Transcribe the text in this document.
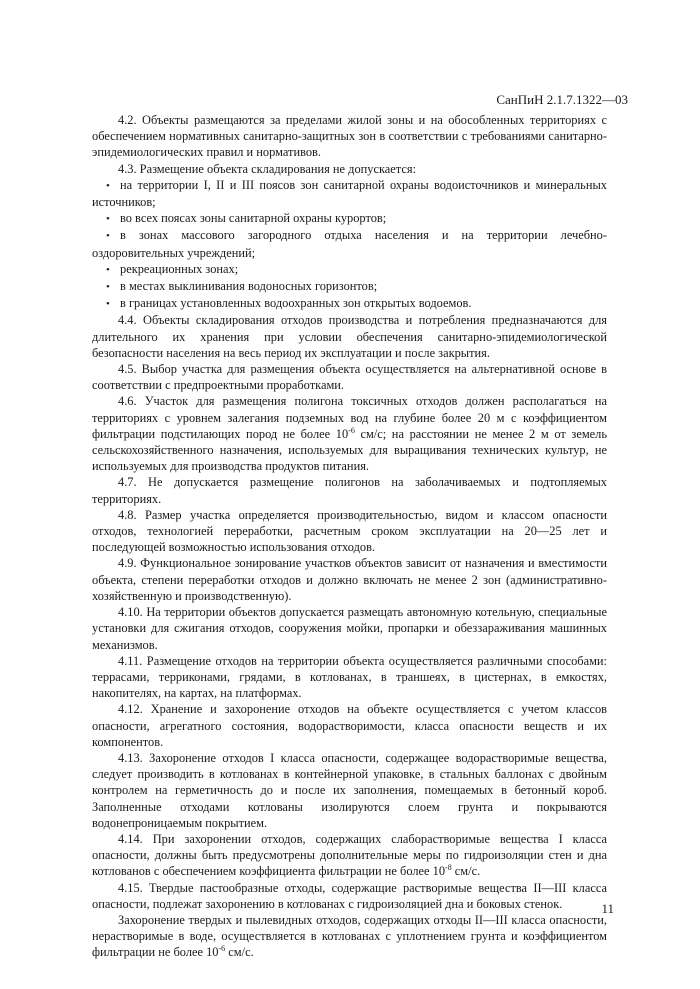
СанПиН 2.1.7.1322—03

4.2. Объекты размещаются за пределами жилой зоны и на обособленных территориях с обеспечением нормативных санитарно-защитных зон в соответствии с требованиями санитарно-эпидемиологических правил и нормативов.

4.3. Размещение объекта складирования не допускается:

• на территории I, II и III поясов зон санитарной охраны водоисточников и минеральных источников;
• во всех поясах зоны санитарной охраны курортов;
• в зонах массового загородного отдыха населения и на территории лечебно-оздоровительных учреждений;
• рекреационных зонах;
• в местах выклинивания водоносных горизонтов;
• в границах установленных водоохранных зон открытых водоемов.

4.4. Объекты складирования отходов производства и потребления предназначаются для длительного их хранения при условии обеспечения санитарно-эпидемиологической безопасности населения на весь период их эксплуатации и после закрытия.

4.5. Выбор участка для размещения объекта осуществляется на альтернативной основе в соответствии с предпроектными проработками.

4.6. Участок для размещения полигона токсичных отходов должен располагаться на территориях с уровнем залегания подземных вод на глубине более 20 м с коэффициентом фильтрации подстилающих пород не более $10^{-6}$ см/с; на расстоянии не менее 2 м от земель сельскохозяйственного назначения, используемых для выращивания технических культур, не используемых для производства продуктов питания.

4.7. Не допускается размещение полигонов на заболачиваемых и подтопляемых территориях.

4.8. Размер участка определяется производительностью, видом и классом опасности отходов, технологией переработки, расчетным сроком эксплуатации на 20—25 лет и последующей возможностью использования отходов.

4.9. Функциональное зонирование участков объектов зависит от назначения и вместимости объекта, степени переработки отходов и должно включать не менее 2 зон (административно-хозяйственную и производственную).

4.10. На территории объектов допускается размещать автономную котельную, специальные установки для сжигания отходов, сооружения мойки, пропарки и обеззараживания машинных механизмов.

4.11. Размещение отходов на территории объекта осуществляется различными способами: террасами, терриконами, грядами, в котлованах, в траншеях, в цистернах, в емкостях, накопителях, на картах, на платформах.

4.12. Хранение и захоронение отходов на объекте осуществляется с учетом классов опасности, агрегатного состояния, водорастворимости, класса опасности веществ и их компонентов.

4.13. Захоронение отходов I класса опасности, содержащее водорастворимые вещества, следует производить в котлованах в контейнерной упаковке, в стальных баллонах с двойным контролем на герметичность до и после их заполнения, помещаемых в бетонный короб. Заполненные отходами котлованы изолируются слоем грунта и покрываются водонепроницаемым покрытием.

4.14. При захоронении отходов, содержащих слаборастворимые вещества I класса опасности, должны быть предусмотрены дополнительные меры по гидроизоляции стен и дна котлованов с обеспечением коэффициента фильтрации не более $10^{-8}$ см/с.

4.15. Твердые пастообразные отходы, содержащие растворимые вещества II—III класса опасности, подлежат захоронению в котлованах с гидроизоляцией дна и боковых стенок.

Захоронение твердых и пылевидных отходов, содержащих отходы II—III класса опасности, нерастворимые в воде, осуществляется в котлованах с уплотнением грунта и коэффициентом фильтрации не более $10^{-6}$ см/с.

11
